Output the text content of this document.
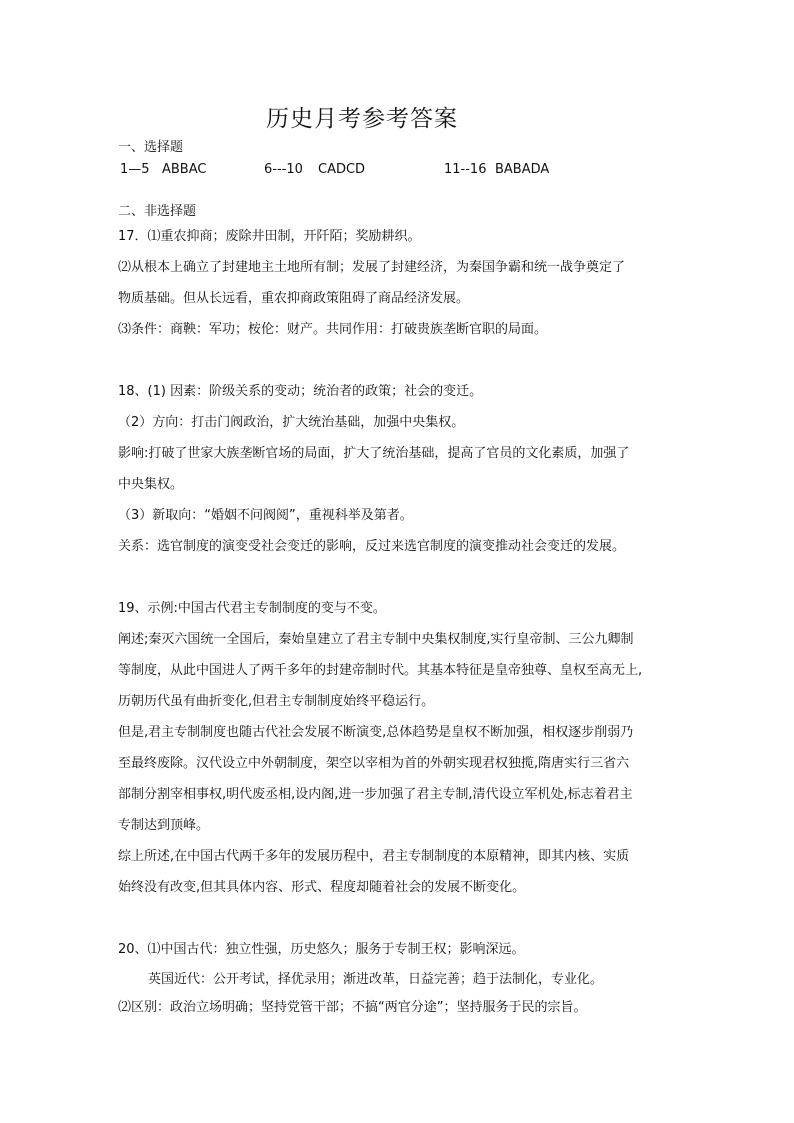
历史月考参考答案
一、选择题
1—5 ABBAC	6---10 CADCD	11--16 BABADA
二、非选择题
17．⑴重农抑商；废除井田制，开阡陌；奖励耕织。
⑵从根本上确立了封建地主土地所有制；发展了封建经济，为秦国争霸和统一战争奠定了
物质基础。但从长远看，重农抑商政策阻碍了商品经济发展。
⑶条件：商鞅：军功；桉伦：财产。共同作用：打破贵族垄断官职的局面。
18、(1) 因素：阶级关系的变动；统治者的政策；社会的变迁。
（2）方向：打击门阀政治，扩大统治基础，加强中央集权。
影响:打破了世家大族垄断官场的局面，扩大了统治基础，提高了官员的文化素质，加强了
中央集权。
（3）新取向：“婚姻不问阀阅”，重视科举及第者。
关系：选官制度的演变受社会变迁的影响，反过来选官制度的演变推动社会变迁的发展。
19、示例:中国古代君主专制制度的变与不变。
阐述;秦灭六国统一全国后，秦始皇建立了君主专制中央集权制度,实行皇帝制、三公九卿制
等制度，从此中国进人了两千多年的封建帝制时代。其基本特征是皇帝独尊、皇权至高无上,
历朝历代虽有曲折变化,但君主专制制度始终平稳运行。
但是,君主专制制度也随古代社会发展不断演变,总体趋势是皇权不断加强，相权逐步削弱乃
至最终废除。汉代设立中外朝制度，架空以宰相为首的外朝实现君权独揽,隋唐实行三省六
部制分割宰相事权,明代废丞相,设内阁,进一步加强了君主专制,清代设立军机处,标志着君主
专制达到顶峰。
综上所述,在中国古代两千多年的发展历程中，君主专制制度的本原精神，即其内核、实质
始终没有改变,但其具体内容、形式、程度却随着社会的发展不断变化。
20、⑴中国古代：独立性强，历史悠久；服务于专制王权；影响深远。
英国近代：公开考试，择优录用；渐进改革，日益完善；趋于法制化，专业化。
⑵区别：政治立场明确；坚持党管干部；不搞“两官分途”；坚持服务于民的宗旨。
